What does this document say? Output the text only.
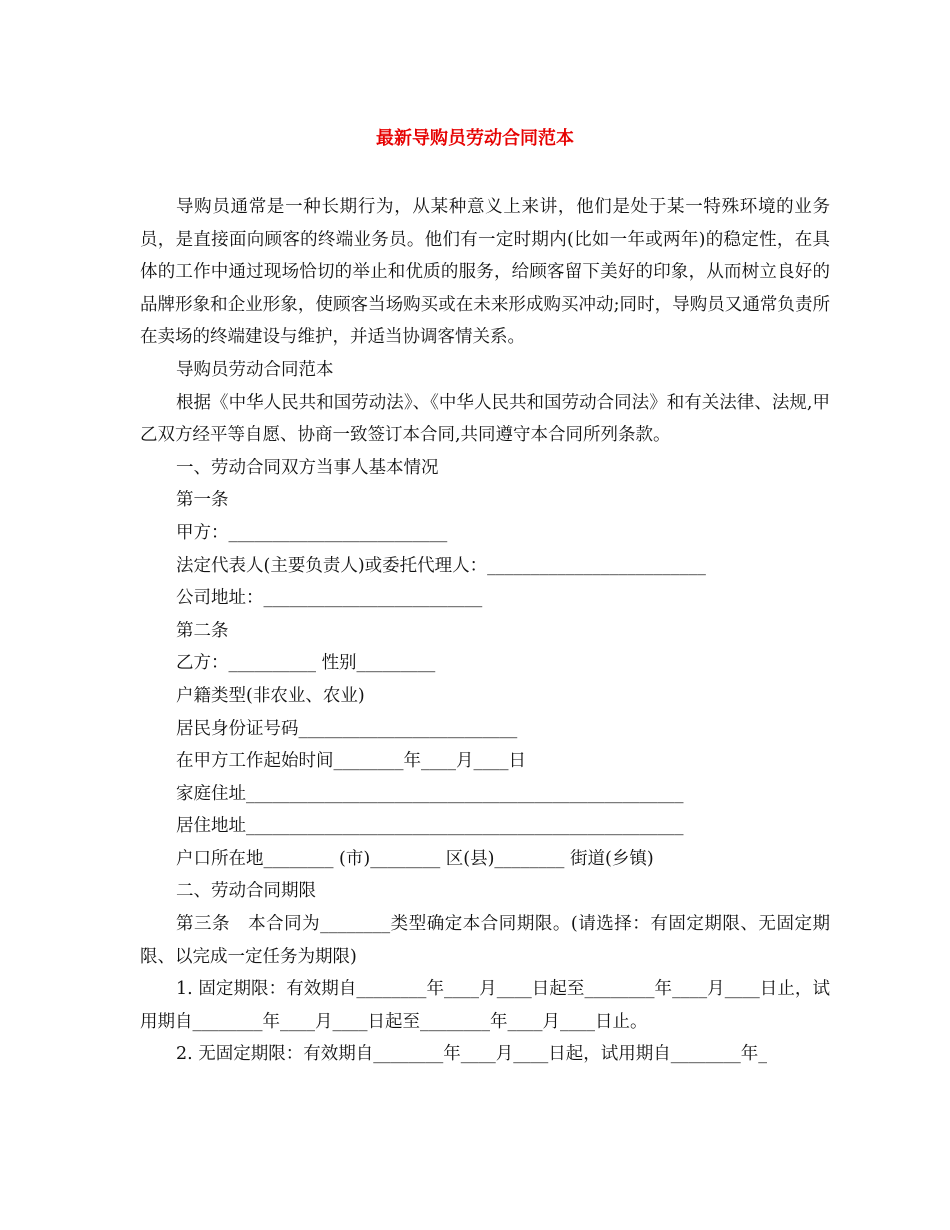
最新导购员劳动合同范本
导购员通常是一种长期行为，从某种意义上来讲，他们是处于某一特殊环境的业务员，是直接面向顾客的终端业务员。他们有一定时期内(比如一年或两年)的稳定性，在具体的工作中通过现场恰切的举止和优质的服务，给顾客留下美好的印象，从而树立良好的品牌形象和企业形象，使顾客当场购买或在未来形成购买冲动;同时，导购员又通常负责所在卖场的终端建设与维护，并适当协调客情关系。
导购员劳动合同范本
根据《中华人民共和国劳动法》、《中华人民共和国劳动合同法》和有关法律、法规,甲乙双方经平等自愿、协商一致签订本合同,共同遵守本合同所列条款。
一、劳动合同双方当事人基本情况
第一条
甲方：_________________________
法定代表人(主要负责人)或委托代理人：_________________________
公司地址：_________________________
第二条
乙方：__________ 性别_________
户籍类型(非农业、农业)
居民身份证号码_________________________
在甲方工作起始时间________年____月____日
家庭住址__________________________________________________
居住地址__________________________________________________
户口所在地________ (市)________ 区(县)________ 街道(乡镇)
二、劳动合同期限
第三条　本合同为________类型确定本合同期限。(请选择：有固定期限、无固定期限、以完成一定任务为期限)
1. 固定期限：有效期自________年____月____日起至________年____月____日止，试用期自________年____月____日起至________年____月____日止。
2. 无固定期限：有效期自________年____月____日起，试用期自________年_
